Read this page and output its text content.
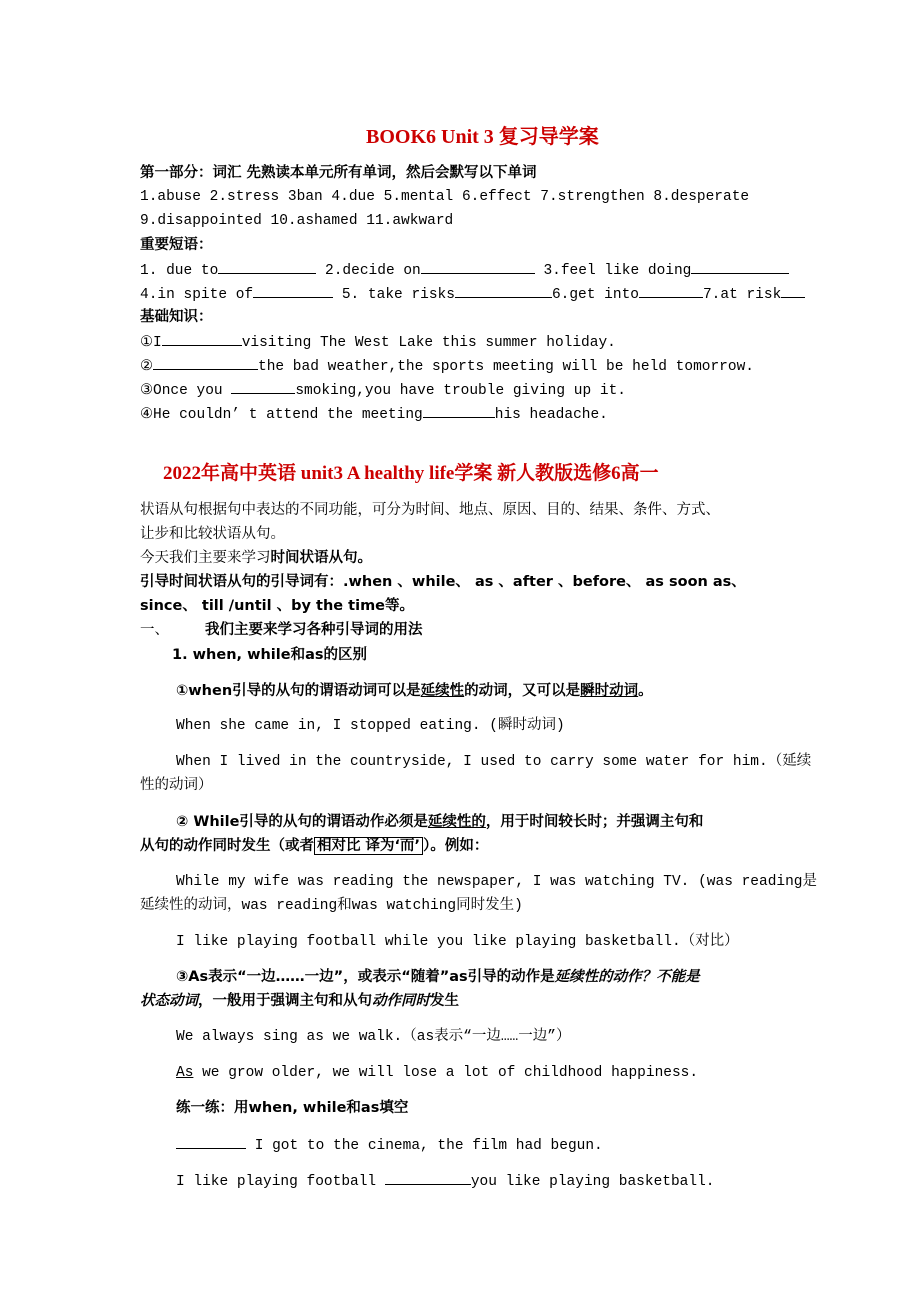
BOOK6 Unit 3 复习导学案
第一部分：词汇 先熟读本单元所有单词，然后会默写以下单词
1.abuse 2.stress 3ban 4.due 5.mental 6.effect 7.strengthen 8.desperate
9.disappointed 10.ashamed 11.awkward
重要短语：
1. due to	2.decide on	3.feel like doing
4.in spite of	5. take risks	6.get into	7.at risk
基础知识：
①I	visiting The West Lake this summer holiday.
②	the bad weather,the sports meeting will be held tomorrow.
③Once you	smoking,you have trouble giving up it.
④He couldn’ t attend the meeting	his headache.
2022年高中英语 unit3 A healthy life学案 新人教版选修6高一
状语从句根据句中表达的不同功能，可分为时间、地点、原因、目的、结果、条件、方式、
让步和比较状语从句。
今天我们主要来学习时间状语从句。
引导时间状语从句的引导词有：.when 、while、 as 、after 、before、 as soon as、
since、 till /until 、by the time等。
一、 我们主要来学习各种引导词的用法
1. when, while和as的区别
①when引导的从句的谓语动词可以是延续性的动词，又可以是瞬时动词。
When she came in, I stopped eating. (瞬时动词)
When I lived in the countryside, I used to carry some water for him.（延续
性的动词）
② While引导的从句的谓语动作必须是延续性的，用于时间较长时；并强调主句和
从句的动作同时发生（或者 相对比 译为‘而’ ）。例如：
While my wife was reading the newspaper, I was watching TV. (was reading是
延续性的动词，was reading和was watching同时发生)
I like playing football while you like playing basketball.（对比）
③As表示“一边……一边”，或表示“随着”as引导的动作是延续性的动作？不能是
状态动词，一般用于强调主句和从句动作同时发生
We always sing as we walk.（as表示“一边……一边”）
As we grow older, we will lose a lot of childhood happiness.
练一练：用when, while和as填空
I got to the cinema, the film had begun.
I like playing football	you like playing basketball.
